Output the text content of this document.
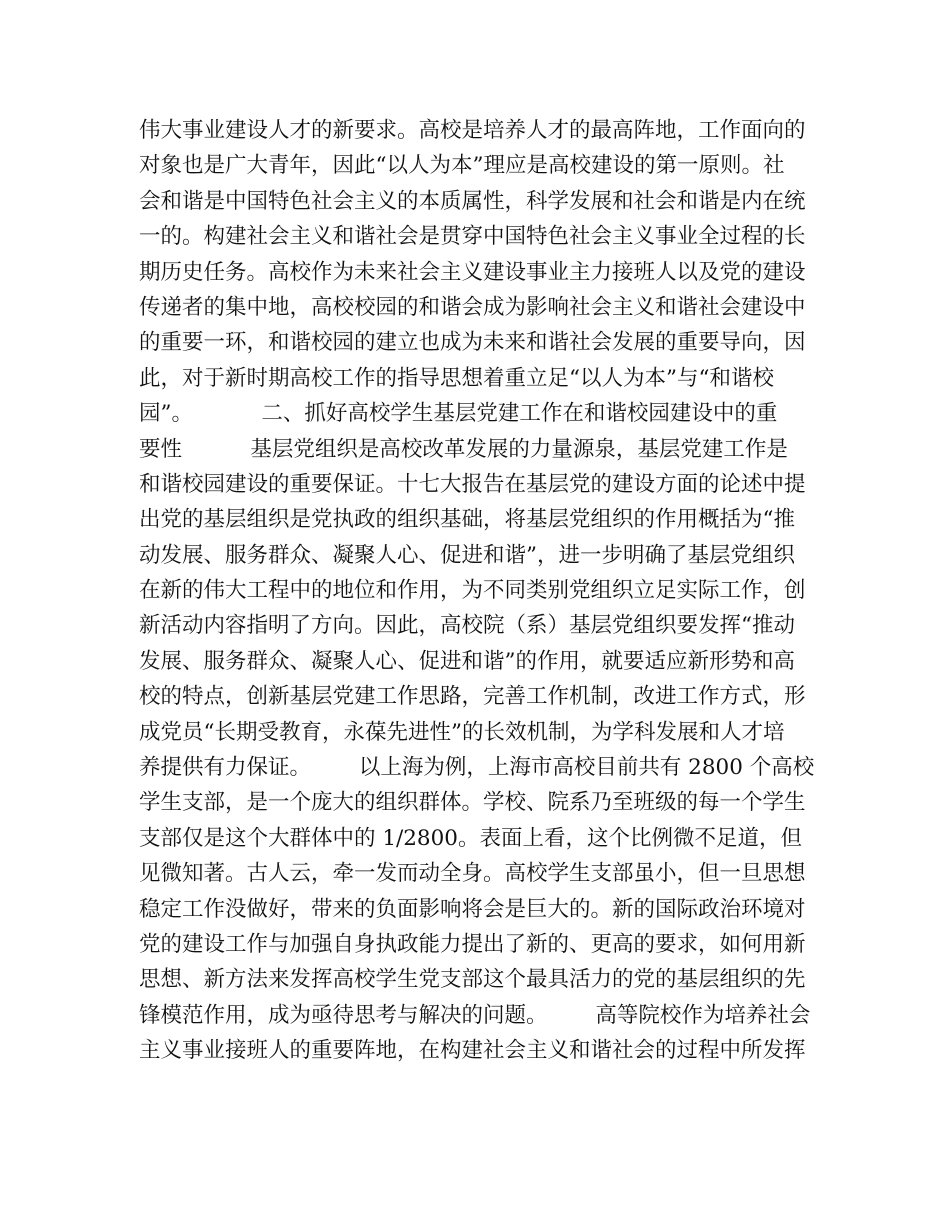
伟大事业建设人才的新要求。高校是培养人才的最高阵地，工作面向的
对象也是广大青年，因此“以人为本”理应是高校建设的第一原则。社
会和谐是中国特色社会主义的本质属性，科学发展和社会和谐是内在统
一的。构建社会主义和谐社会是贯穿中国特色社会主义事业全过程的长
期历史任务。高校作为未来社会主义建设事业主力接班人以及党的建设
传递者的集中地，高校校园的和谐会成为影响社会主义和谐社会建设中
的重要一环，和谐校园的建立也成为未来和谐社会发展的重要导向，因
此，对于新时期高校工作的指导思想着重立足“以人为本”与“和谐校
园”。          二、抓好高校学生基层党建工作在和谐校园建设中的重
要性          基层党组织是高校改革发展的力量源泉，基层党建工作是
和谐校园建设的重要保证。十七大报告在基层党的建设方面的论述中提
出党的基层组织是党执政的组织基础，将基层党组织的作用概括为“推
动发展、服务群众、凝聚人心、促进和谐”，进一步明确了基层党组织
在新的伟大工程中的地位和作用，为不同类别党组织立足实际工作，创
新活动内容指明了方向。因此，高校院（系）基层党组织要发挥“推动
发展、服务群众、凝聚人心、促进和谐”的作用，就要适应新形势和高
校的特点，创新基层党建工作思路，完善工作机制，改进工作方式，形
成党员“长期受教育，永葆先进性”的长效机制，为学科发展和人才培
养提供有力保证。       以上海为例，上海市高校目前共有 2800 个高校
学生支部，是一个庞大的组织群体。学校、院系乃至班级的每一个学生
支部仅是这个大群体中的 1/2800。表面上看，这个比例微不足道，但
见微知著。古人云，牵一发而动全身。高校学生支部虽小，但一旦思想
稳定工作没做好，带来的负面影响将会是巨大的。新的国际政治环境对
党的建设工作与加强自身执政能力提出了新的、更高的要求，如何用新
思想、新方法来发挥高校学生党支部这个最具活力的党的基层组织的先
锋模范作用，成为亟待思考与解决的问题。       高等院校作为培养社会
主义事业接班人的重要阵地，在构建社会主义和谐社会的过程中所发挥
